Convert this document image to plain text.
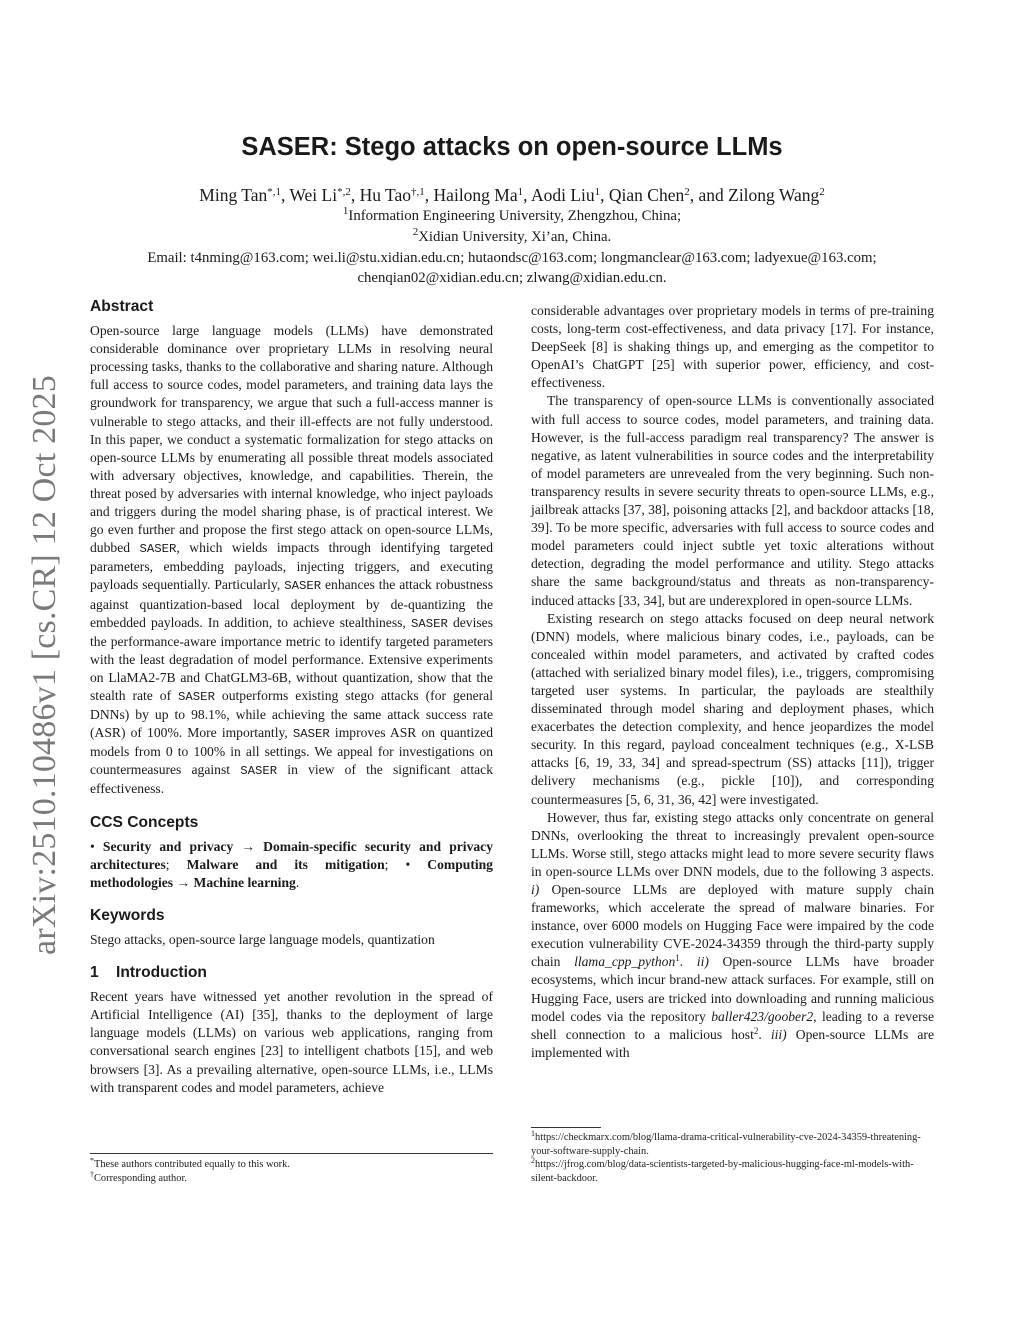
arXiv:2510.10486v1 [cs.CR] 12 Oct 2025
SASER: Stego attacks on open-source LLMs
Ming Tan$^{*,1}$, Wei $Li^{*,2}$, Hu Tao$^{\dagger,1}$, Hailong Ma$^1$, Aodi Liu$^1$, Qian Chen$^2$, and Zilong Wang$^2$
$^1$Information Engineering University, Zhengzhou, China;
$^2$Xidian University, Xi’an, China.
Email: t4nming@163.com; wei.li@stu.xidian.edu.cn; hutaondsc@163.com; longmanclear@163.com; ladyexue@163.com;
chenqian02@xidian.edu.cn; zlwang@xidian.edu.cn.
Abstract

Open-source large language models (LLMs) have demonstrated considerable dominance over proprietary LLMs in resolving neural processing tasks, thanks to the collaborative and sharing nature. Although full access to source codes, model parameters, and training data lays the groundwork for transparency, we argue that such a full-access manner is vulnerable to stego attacks, and their ill-effects are not fully understood. In this paper, we conduct a systematic formalization for stego attacks on open-source LLMs by enumerating all possible threat models associated with adversary objectives, knowledge, and capabilities. Therein, the threat posed by adversaries with internal knowledge, who inject payloads and triggers during the model sharing phase, is of practical interest. We go even further and propose the first stego attack on open-source LLMs, dubbed SASER, which wields impacts through identifying targeted parameters, embedding payloads, injecting triggers, and executing payloads sequentially. Particularly, SASER enhances the attack robustness against quantization-based local deployment by de-quantizing the embedded payloads. In addition, to achieve stealthiness, SASER devises the performance-aware importance metric to identify targeted parameters with the least degradation of model performance. Extensive experiments on LlaMA2-7B and ChatGLM3-6B, without quantization, show that the stealth rate of SASER outperforms existing stego attacks (for general DNNs) by up to 98.1%, while achieving the same attack success rate (ASR) of 100%. More importantly, SASER improves ASR on quantized models from 0 to 100% in all settings. We appeal for investigations on countermeasures against SASER in view of the significant attack effectiveness.

CCS Concepts

• Security and privacy → Domain-specific security and privacy architectures; Malware and its mitigation; • Computing methodologies → Machine learning.

Keywords

Stego attacks, open-source large language models, quantization

1    Introduction

Recent years have witnessed yet another revolution in the spread of Artificial Intelligence (AI) [35], thanks to the deployment of large language models (LLMs) on various web applications, ranging from conversational search engines [23] to intelligent chatbots [15], and web browsers [3]. As a prevailing alternative, open-source LLMs, i.e., LLMs with transparent codes and model parameters, achieve

*These authors contributed equally to this work.
†Corresponding author.

considerable advantages over proprietary models in terms of pre-training costs, long-term cost-effectiveness, and data privacy [17]. For instance, DeepSeek [8] is shaking things up, and emerging as the competitor to OpenAI’s ChatGPT [25] with superior power, efficiency, and cost-effectiveness.

The transparency of open-source LLMs is conventionally associated with full access to source codes, model parameters, and training data. However, is the full-access paradigm real transparency? The answer is negative, as latent vulnerabilities in source codes and the interpretability of model parameters are unrevealed from the very beginning. Such non-transparency results in severe security threats to open-source LLMs, e.g., jailbreak attacks [37, 38], poisoning attacks [2], and backdoor attacks [18, 39]. To be more specific, adversaries with full access to source codes and model parameters could inject subtle yet toxic alterations without detection, degrading the model performance and utility. Stego attacks share the same background/status and threats as non-transparency-induced attacks [33, 34], but are underexplored in open-source LLMs.

Existing research on stego attacks focused on deep neural network (DNN) models, where malicious binary codes, i.e., payloads, can be concealed within model parameters, and activated by crafted codes (attached with serialized binary model files), i.e., triggers, compromising targeted user systems. In particular, the payloads are stealthily disseminated through model sharing and deployment phases, which exacerbates the detection complexity, and hence jeopardizes the model security. In this regard, payload concealment techniques (e.g., X-LSB attacks [6, 19, 33, 34] and spread-spectrum (SS) attacks [11]), trigger delivery mechanisms (e.g., pickle [10]), and corresponding countermeasures [5, 6, 31, 36, 42] were investigated.

However, thus far, existing stego attacks only concentrate on general DNNs, overlooking the threat to increasingly prevalent open-source LLMs. Worse still, stego attacks might lead to more severe security flaws in open-source LLMs over DNN models, due to the following 3 aspects. i) Open-source LLMs are deployed with mature supply chain frameworks, which accelerate the spread of malware binaries. For instance, over 6000 models on Hugging Face were impaired by the code execution vulnerability CVE-2024-34359 through the third-party supply chain llama_cpp_python$^1$. ii) Open-source LLMs have broader ecosystems, which incur brand-new attack surfaces. For example, still on Hugging Face, users are tricked into downloading and running malicious model codes via the repository baller423/goober2, leading to a reverse shell connection to a malicious host$^2$. iii) Open-source LLMs are implemented with

$^1$https://checkmarx.com/blog/llama-drama-critical-vulnerability-cve-2024-34359-threatening-your-software-supply-chain.
$^2$https://jfrog.com/blog/data-scientists-targeted-by-malicious-hugging-face-ml-models-with-silent-backdoor.
